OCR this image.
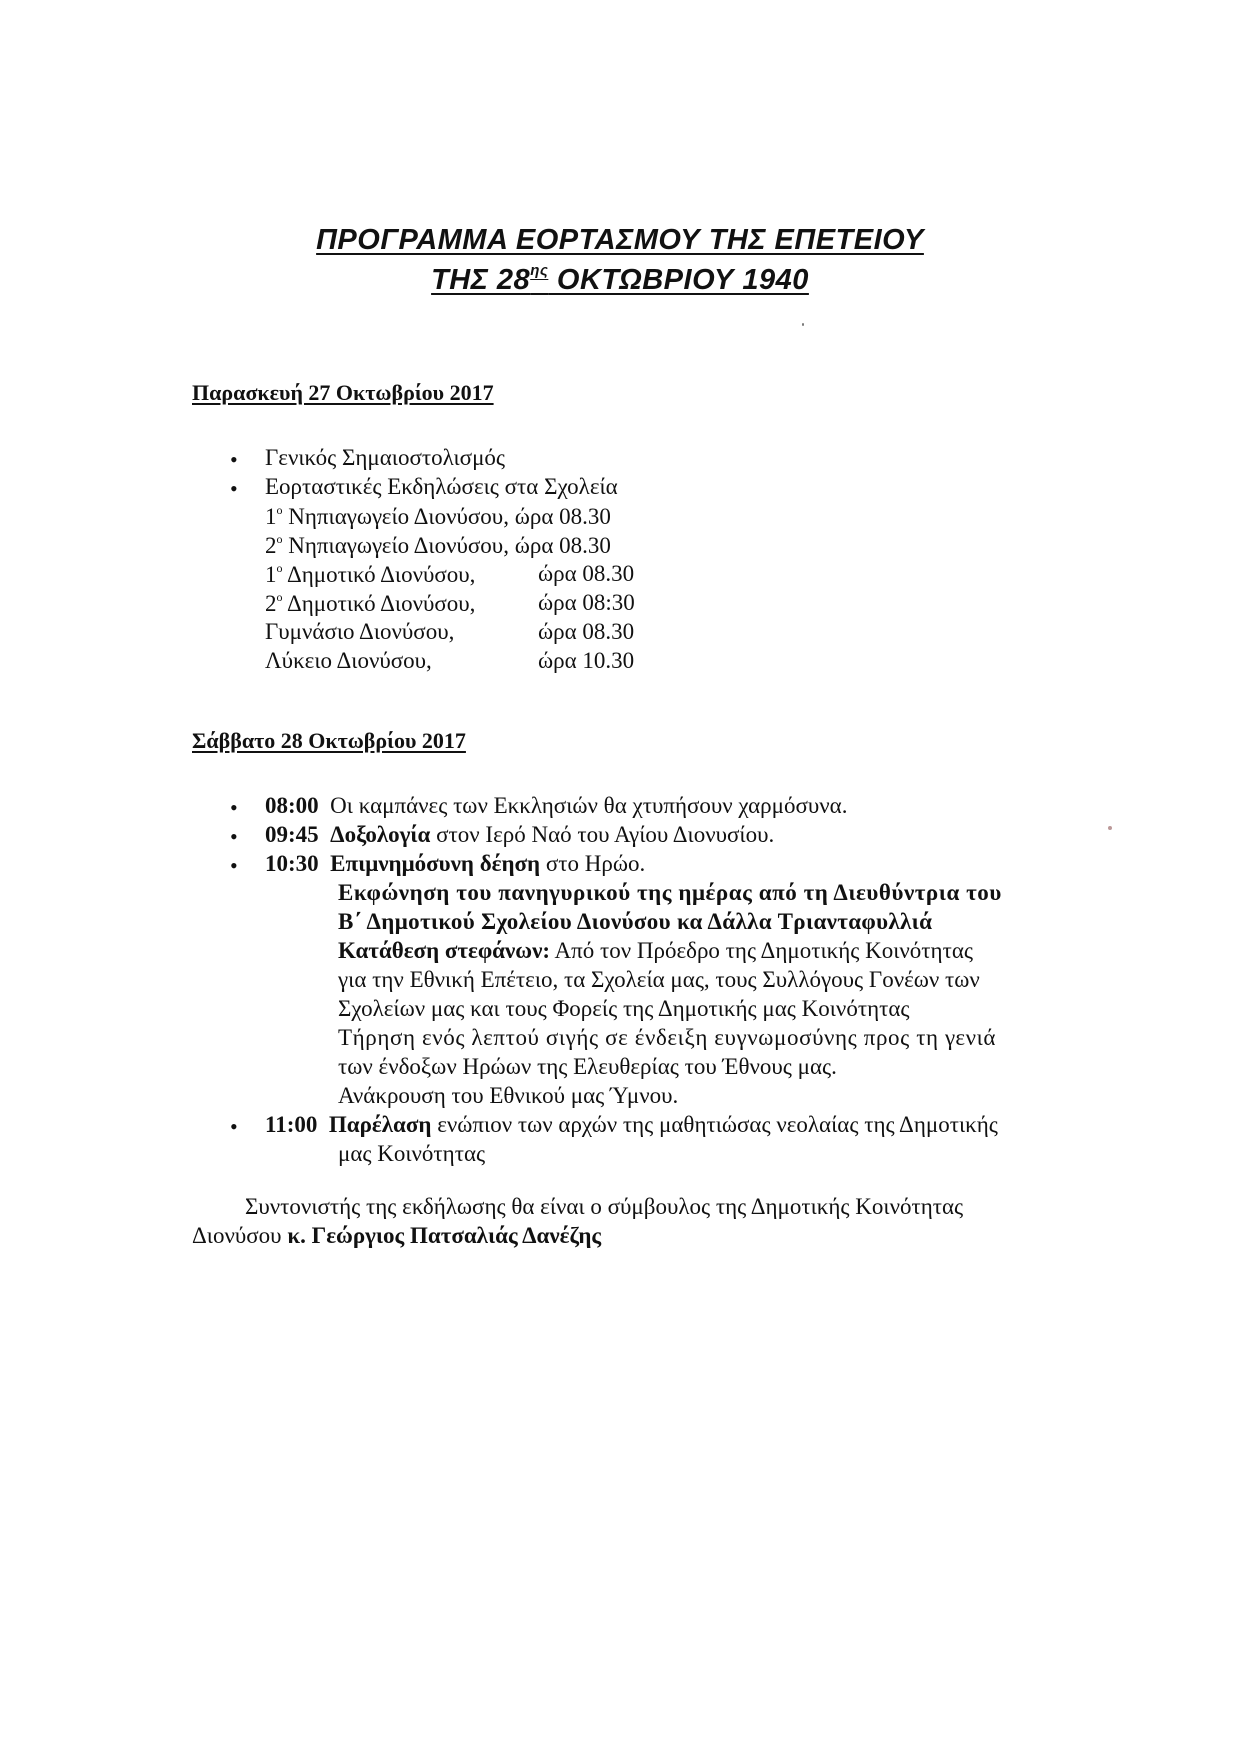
ΠΡΟΓΡΑΜΜΑ ΕΟΡΤΑΣΜΟΥ ΤΗΣ ΕΠΕΤΕΙΟΥ
ΤΗΣ $28^{\eta\varsigma}$ ΟΚΤΩΒΡΙΟΥ 1940
Παρασκευή 27 Οκτωβρίου 2017
• Γενικός Σημαιοστολισμός
• Εορταστικές Εκδηλώσεις στα Σχολεία
$1^o$ Νηπιαγωγείο Διονύσου, ώρα 08.30
$2^o$ Νηπιαγωγείο Διονύσου, ώρα 08.30
$1^o$ Δημοτικό Διονύσου,	ώρα 08.30
$2^o$ Δημοτικό Διονύσου,	ώρα 08:30
Γυμνάσιο Διονύσου,	ώρα 08.30
Λύκειο Διονύσου,	ώρα 10.30
Σάββατο 28 Οκτωβρίου 2017
• 08:00 Οι καμπάνες των Εκκλησιών θα χτυπήσουν χαρμόσυνα.
• 09:45 Δοξολογία στον Ιερό Ναό του Αγίου Διονυσίου.
• 10:30 Επιμνημόσυνη δέηση στο Ηρώο.
Εκφώνηση του πανηγυρικού της ημέρας από τη Διευθύντρια του
Β΄ Δημοτικού Σχολείου Διονύσου κα Δάλλα Τριανταφυλλιά
Κατάθεση στεφάνων: Από τον Πρόεδρο της Δημοτικής Κοινότητας
για την Εθνική Επέτειο, τα Σχολεία μας, τους Συλλόγους Γονέων των
Σχολείων μας και τους Φορείς της Δημοτικής μας Κοινότητας
Τήρηση ενός λεπτού σιγής σε ένδειξη ευγνωμοσύνης προς τη γενιά
των ένδοξων Ηρώων της Ελευθερίας του Έθνους μας.
Ανάκρουση του Εθνικού μας Ύμνου.
• 11:00 Παρέλαση ενώπιον των αρχών της μαθητιώσας νεολαίας της Δημοτικής
μας Κοινότητας
Συντονιστής της εκδήλωσης θα είναι ο σύμβουλος της Δημοτικής Κοινότητας
Διονύσου κ. Γεώργιος Πατσαλιάς Δανέζης
